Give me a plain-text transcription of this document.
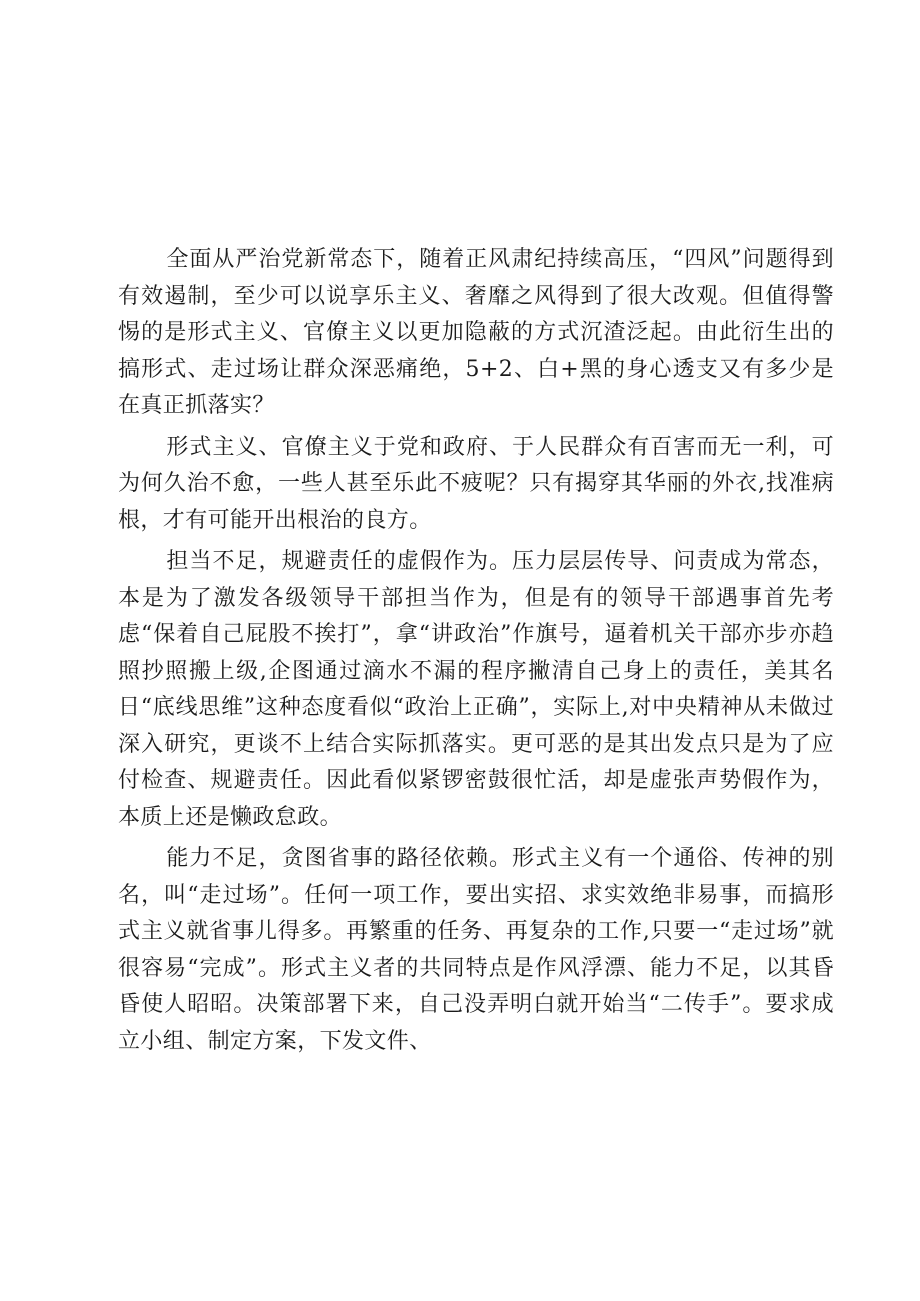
全面从严治党新常态下，随着正风肃纪持续高压，“四风”问题得到有效遏制，至少可以说享乐主义、奢靡之风得到了很大改观。但值得警惕的是形式主义、官僚主义以更加隐蔽的方式沉渣泛起。由此衍生出的搞形式、走过场让群众深恶痛绝，5+2、白+黑的身心透支又有多少是在真正抓落实？

形式主义、官僚主义于党和政府、于人民群众有百害而无一利，可为何久治不愈，一些人甚至乐此不疲呢？只有揭穿其华丽的外衣,找准病根，才有可能开出根治的良方。

担当不足，规避责任的虚假作为。压力层层传导、问责成为常态，本是为了激发各级领导干部担当作为，但是有的领导干部遇事首先考虑“保着自己屁股不挨打”，拿“讲政治”作旗号，逼着机关干部亦步亦趋照抄照搬上级,企图通过滴水不漏的程序撇清自己身上的责任，美其名日“底线思维”这种态度看似“政治上正确”，实际上,对中央精神从未做过深入研究，更谈不上结合实际抓落实。更可恶的是其出发点只是为了应付检查、规避责任。因此看似紧锣密鼓很忙活，却是虚张声势假作为，本质上还是懒政怠政。

能力不足，贪图省事的路径依赖。形式主义有一个通俗、传神的别名，叫“走过场”。任何一项工作，要出实招、求实效绝非易事，而搞形式主义就省事儿得多。再繁重的任务、再复杂的工作,只要一“走过场”就很容易“完成”。形式主义者的共同特点是作风浮漂、能力不足，以其昏昏使人昭昭。决策部署下来，自己没弄明白就开始当“二传手”。要求成立小组、制定方案，下发文件、
